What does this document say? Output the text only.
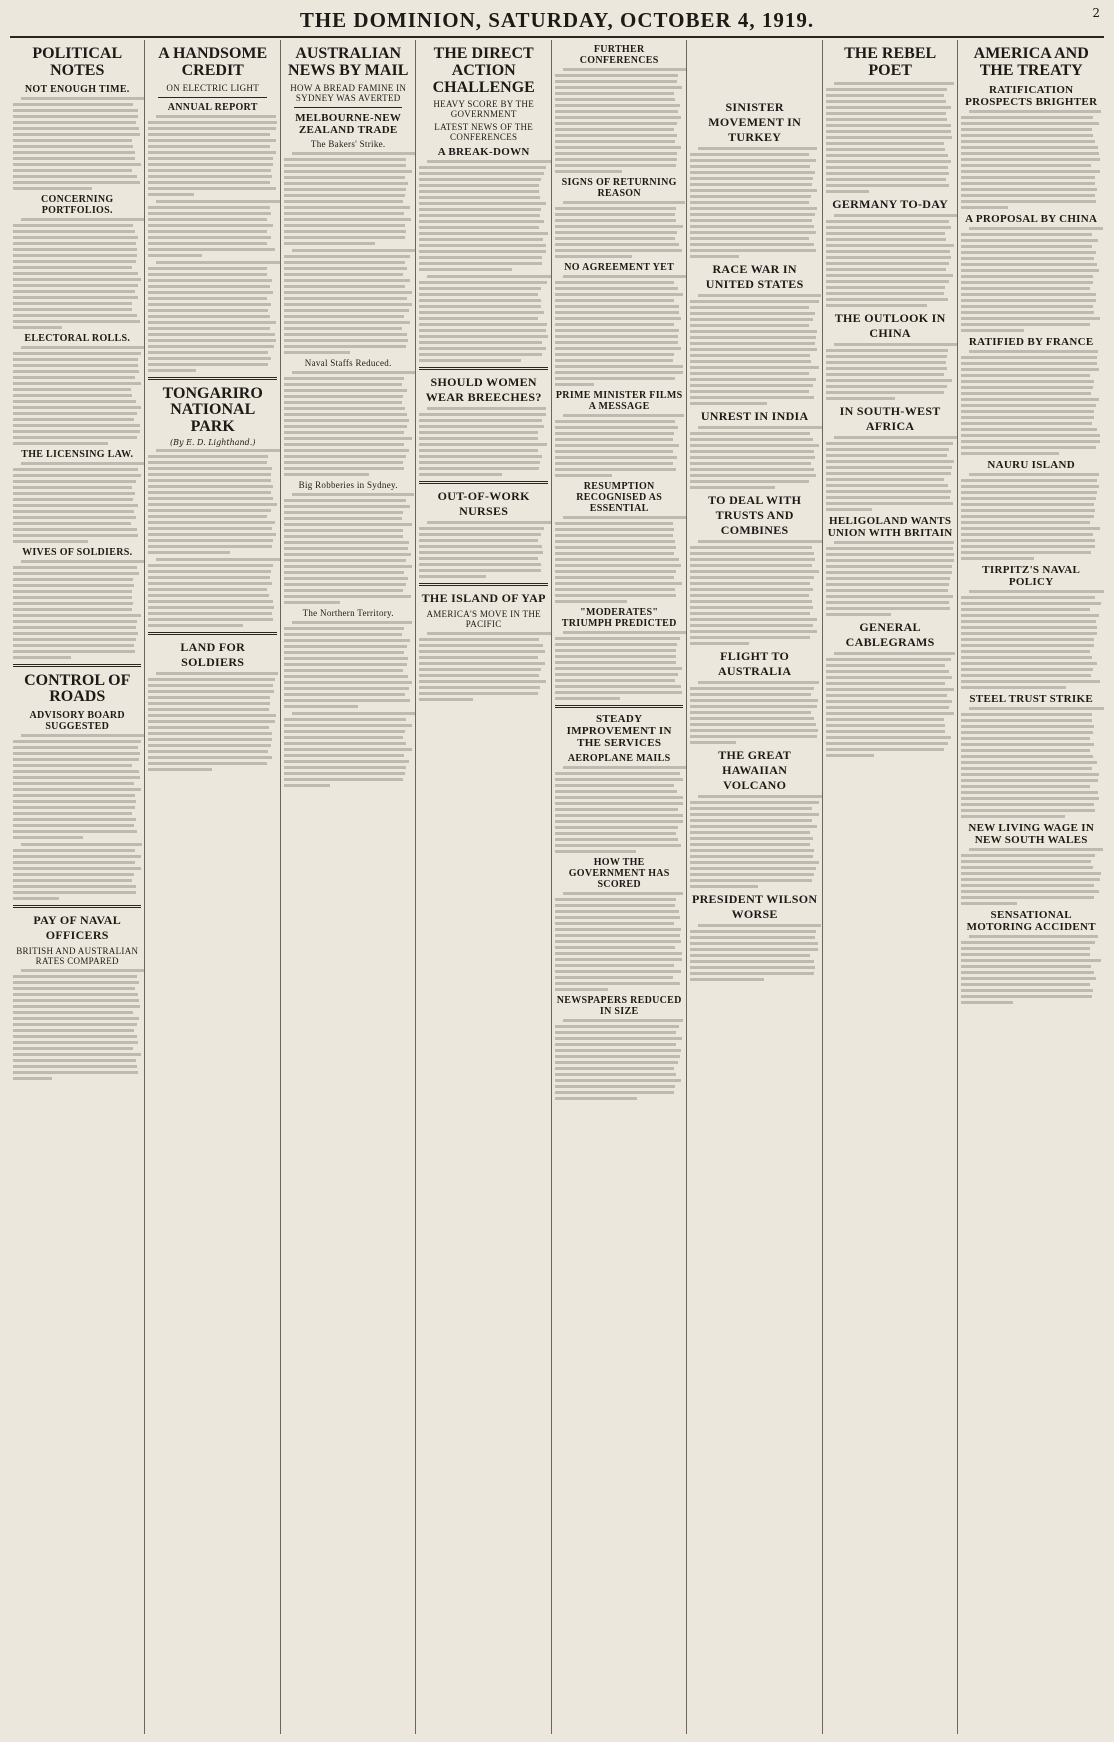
THE DOMINION, SATURDAY, OCTOBER 4, 1919.	2
POLITICAL NOTES
NOT ENOUGH TIME.
CONCERNING PORTFOLIOS.
ELECTORAL ROLLS.
THE LICENSING LAW.
WIVES OF SOLDIERS.
CONTROL OF ROADS
ADVISORY BOARD SUGGESTED
PAY OF NAVAL OFFICERS
BRITISH AND AUSTRALIAN RATES COMPARED
A HANDSOME CREDIT
ON ELECTRIC LIGHT
ANNUAL REPORT
TONGARIRO NATIONAL PARK
(By E. D. Lighthand.)
LAND FOR SOLDIERS
AUSTRALIAN NEWS BY MAIL
HOW A BREAD FAMINE IN SYDNEY WAS AVERTED
MELBOURNE-NEW ZEALAND TRADE
The Bakers' Strike.
Naval Staffs Reduced.
Big Robberies in Sydney.
The Northern Territory.
THE DIRECT ACTION CHALLENGE
HEAVY SCORE BY THE GOVERNMENT
LATEST NEWS OF THE CONFERENCES
A BREAK-DOWN
SHOULD WOMEN WEAR BREECHES?
OUT-OF-WORK NURSES
THE ISLAND OF YAP
AMERICA'S MOVE IN THE PACIFIC
FURTHER CONFERENCES
SIGNS OF RETURNING REASON
NO AGREEMENT YET
PRIME MINISTER FILMS A MESSAGE
RESUMPTION RECOGNISED AS ESSENTIAL
"MODERATES" TRIUMPH PREDICTED
STEADY IMPROVEMENT IN THE SERVICES
AEROPLANE MAILS
HOW THE GOVERNMENT HAS SCORED
NEWSPAPERS REDUCED IN SIZE
SINISTER MOVEMENT IN TURKEY
RACE WAR IN UNITED STATES
UNREST IN INDIA
TO DEAL WITH TRUSTS AND COMBINES
FLIGHT TO AUSTRALIA
THE GREAT HAWAIIAN VOLCANO
PRESIDENT WILSON WORSE
THE REBEL POET
GERMANY TO-DAY
THE OUTLOOK IN CHINA
IN SOUTH-WEST AFRICA
HELIGOLAND WANTS UNION WITH BRITAIN
GENERAL CABLEGRAMS
AMERICA AND THE TREATY
RATIFICATION PROSPECTS BRIGHTER
A PROPOSAL BY CHINA
RATIFIED BY FRANCE
NAURU ISLAND
TIRPITZ'S NAVAL POLICY
STEEL TRUST STRIKE
NEW LIVING WAGE IN NEW SOUTH WALES
SENSATIONAL MOTORING ACCIDENT
